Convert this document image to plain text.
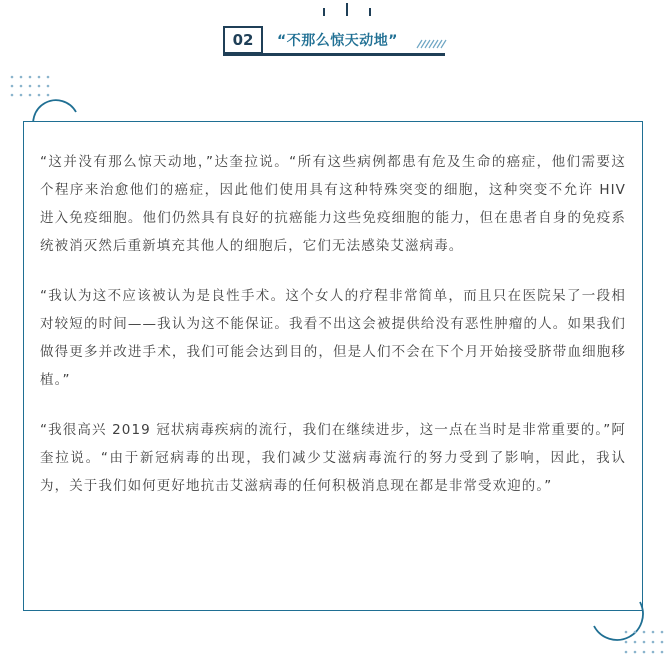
02	“不那么惊天动地”

“这并没有那么惊天动地，”达奎拉说。“所有这些病例都患有危及生命的癌症，他们需要这个程序来治愈他们的癌症，因此他们使用具有这种特殊突变的细胞，这种突变不允许 HIV 进入免疫细胞。他们仍然具有良好的抗癌能力这些免疫细胞的能力，但在患者自身的免疫系统被消灭然后重新填充其他人的细胞后，它们无法感染艾滋病毒。

“我认为这不应该被认为是良性手术。这个女人的疗程非常简单，而且只在医院呆了一段相对较短的时间——我认为这不能保证。我看不出这会被提供给没有恶性肿瘤的人。如果我们做得更多并改进手术，我们可能会达到目的，但是人们不会在下个月开始接受脐带血细胞移植。”

“我很高兴 2019 冠状病毒疾病的流行，我们在继续进步，这一点在当时是非常重要的。”阿奎拉说。“由于新冠病毒的出现，我们减少艾滋病毒流行的努力受到了影响，因此，我认为，关于我们如何更好地抗击艾滋病毒的任何积极消息现在都是非常受欢迎的。”
